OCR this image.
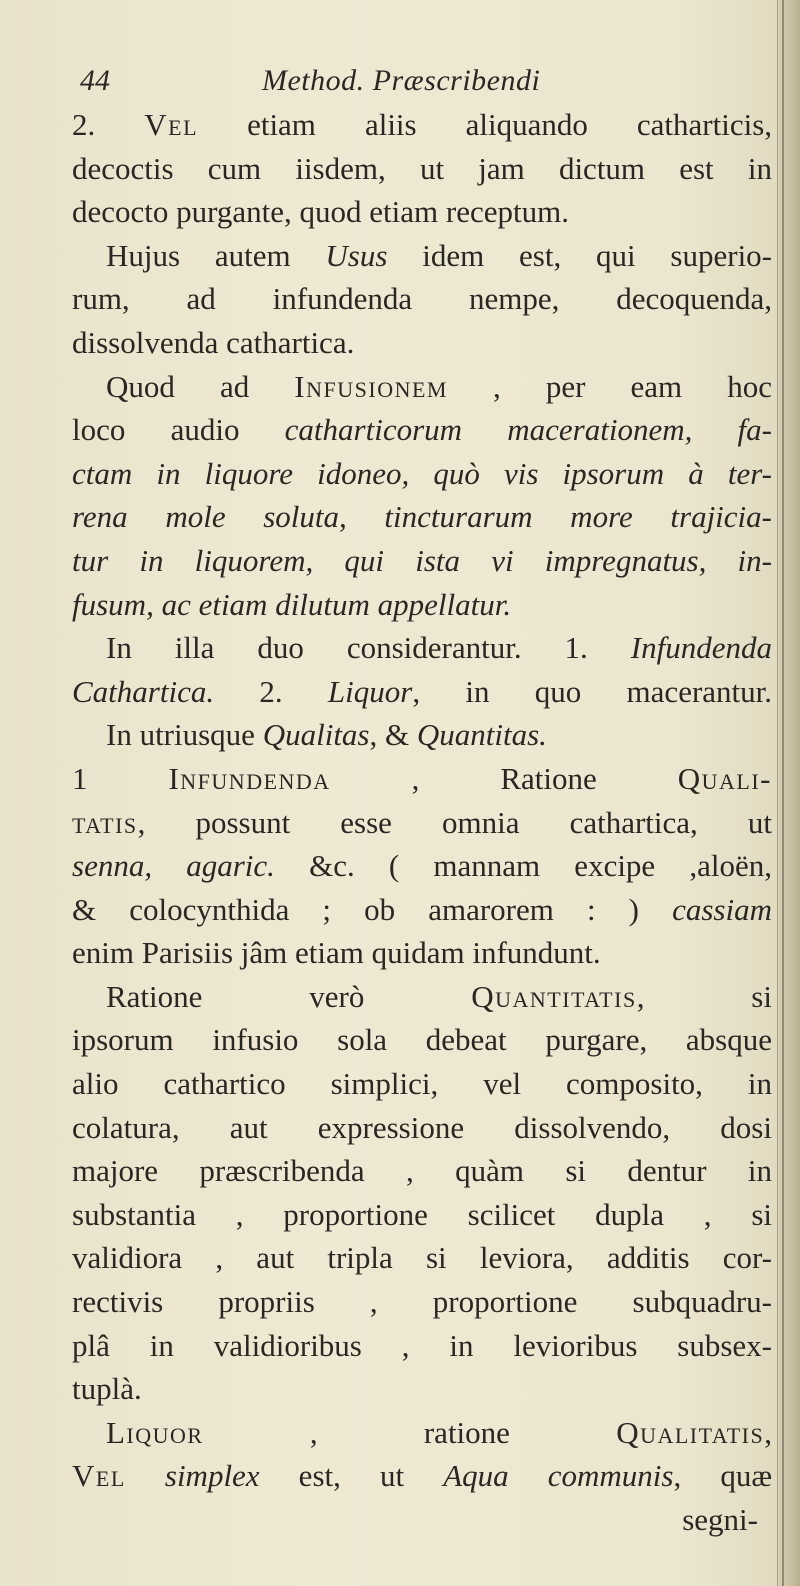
44	Method. Præscribendi
2. Vel etiam aliis aliquando catharticis,
decoctis cum iisdem, ut jam dictum est in
decocto purgante, quod etiam receptum.
Hujus autem Usus idem est, qui superio-
rum, ad infundenda nempe, decoquenda,
dissolvenda cathartica.
Quod ad Infusionem , per eam hoc
loco audio catharticorum macerationem, fa-
ctam in liquore idoneo, quò vis ipsorum à ter-
rena mole soluta, tincturarum more trajicia-
tur in liquorem, qui ista vi impregnatus, in-
fusum, ac etiam dilutum appellatur.
In illa duo considerantur. 1. Infundenda
Cathartica. 2. Liquor, in quo macerantur.
In utriusque Qualitas, & Quantitas.
1 Infundenda , Ratione Quali-
tatis, possunt esse omnia cathartica, ut
senna, agaric. &c. ( mannam excipe ,aloën,
& colocynthida ; ob amarorem : ) cassiam
enim Parisiis jâm etiam quidam infundunt.
Ratione verò Quantitatis, si
ipsorum infusio sola debeat purgare, absque
alio cathartico simplici, vel composito, in
colatura, aut expressione dissolvendo, dosi
majore præscribenda , quàm si dentur in
substantia , proportione scilicet dupla , si
validiora , aut tripla si leviora, additis cor-
rectivis propriis , proportione subquadru-
plâ in validioribus , in levioribus subsex-
tuplà.
Liquor , ratione Qualitatis,
Vel simplex est, ut Aqua communis, quæ
segni-
